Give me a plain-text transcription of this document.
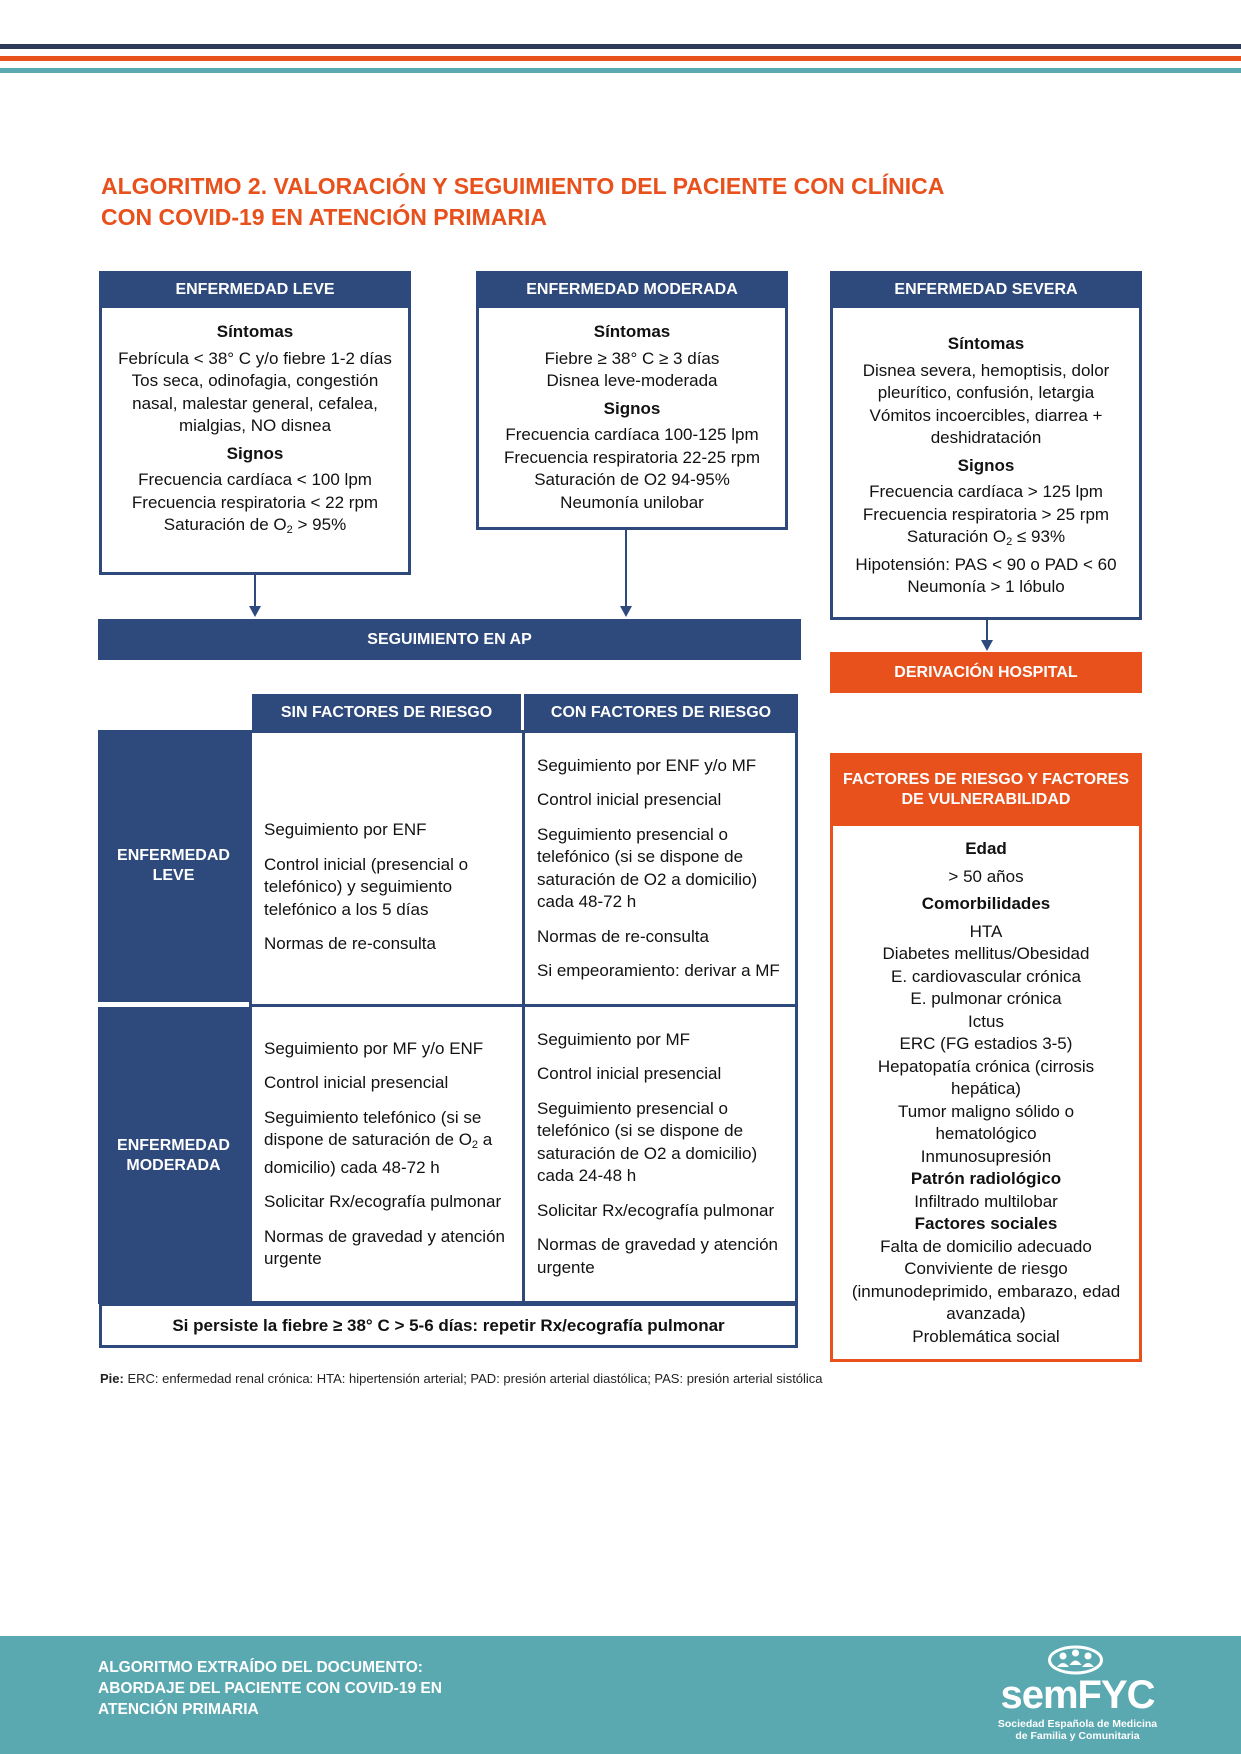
ALGORITMO 2. VALORACIÓN Y SEGUIMIENTO DEL PACIENTE CON CLÍNICA
CON COVID-19 EN ATENCIÓN PRIMARIA
ENFERMEDAD LEVE
Síntomas
Febrícula < 38° C y/o fiebre 1-2 días
Tos seca, odinofagia, congestión nasal, malestar general, cefalea, mialgias, NO disnea
Signos
Frecuencia cardíaca < 100 lpm
Frecuencia respiratoria < 22 rpm
Saturación de $O_2 > 95\%$
ENFERMEDAD MODERADA
Síntomas
Fiebre ≥ 38° C ≥ 3 días
Disnea leve-moderada
Signos
Frecuencia cardíaca 100-125 lpm
Frecuencia respiratoria 22-25 rpm
Saturación de O2 94-95%
Neumonía unilobar
ENFERMEDAD SEVERA
Síntomas
Disnea severa, hemoptisis, dolor pleurítico, confusión, letargia
Vómitos incoercibles, diarrea + deshidratación
Signos
Frecuencia cardíaca > 125 lpm
Frecuencia respiratoria > 25 rpm
Saturación $O_2 \le 93\%$
Hipotensión: PAS < 90 o PAD < 60
Neumonía > 1 lóbulo
SEGUIMIENTO EN AP
DERIVACIÓN HOSPITAL
SIN FACTORES DE RIESGO	CON FACTORES DE RIESGO
ENFERMEDAD
LEVE
ENFERMEDAD
MODERADA
Seguimiento por ENF
Control inicial (presencial o telefónico) y seguimiento telefónico a los 5 días
Normas de re-consulta
Seguimiento por ENF y/o MF
Control inicial presencial
Seguimiento presencial o telefónico (si se dispone de saturación de O2 a domicilio) cada 48-72 h
Normas de re-consulta
Si empeoramiento: derivar a MF
Seguimiento por MF y/o ENF
Control inicial presencial
Seguimiento telefónico (si se dispone de saturación de $O_2$ a domicilio) cada 48-72 h
Solicitar Rx/ecografía pulmonar
Normas de gravedad y atención urgente
Seguimiento por MF
Control inicial presencial
Seguimiento presencial o telefónico (si se dispone de saturación de O2 a domicilio) cada 24-48 h
Solicitar Rx/ecografía pulmonar
Normas de gravedad y atención urgente
Si persiste la fiebre ≥ 38° C > 5-6 días: repetir Rx/ecografía pulmonar
Pie: ERC: enfermedad renal crónica: HTA: hipertensión arterial; PAD: presión arterial diastólica; PAS: presión arterial sistólica
FACTORES DE RIESGO Y FACTORES
DE VULNERABILIDAD
Edad
> 50 años
Comorbilidades
HTA
Diabetes mellitus/Obesidad
E. cardiovascular crónica
E. pulmonar crónica
Ictus
ERC (FG estadios 3-5)
Hepatopatía crónica (cirrosis hepática)
Tumor maligno sólido o hematológico
Inmunosupresión
Patrón radiológico
Infiltrado multilobar
Factores sociales
Falta de domicilio adecuado
Conviviente de riesgo (inmunodeprimido, embarazo, edad avanzada)
Problemática social
ALGORITMO EXTRAÍDO DEL DOCUMENTO:
ABORDAJE DEL PACIENTE CON COVID-19 EN
ATENCIÓN PRIMARIA	semFYC
Sociedad Española de Medicina
de Familia y Comunitaria
